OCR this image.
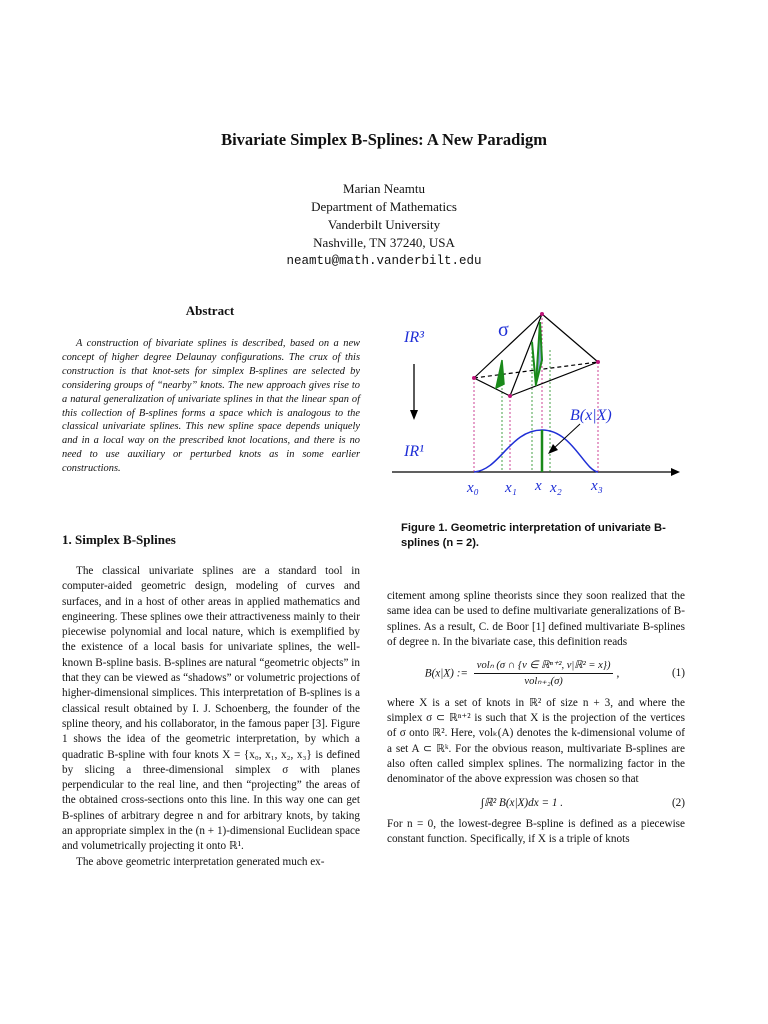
Bivariate Simplex B-Splines: A New Paradigm
Marian Neamtu
Department of Mathematics
Vanderbilt University
Nashville, TN 37240, USA
neamtu@math.vanderbilt.edu
Abstract

A construction of bivariate splines is described, based on a new concept of higher degree Delaunay configurations. The crux of this construction is that knot-sets for simplex B-splines are selected by considering groups of “nearby” knots. The new approach gives rise to a natural generalization of univariate splines in that the linear span of this collection of B-splines forms a space which is analogous to the classical univariate splines. This new spline space depends uniquely and in a local way on the prescribed knot locations, and there is no need to use auxiliary or perturbed knots as in some earlier constructions.

1. Simplex B-Splines

The classical univariate splines are a standard tool in computer-aided geometric design, modeling of curves and surfaces, and in a host of other areas in applied mathematics and engineering. These splines owe their attractiveness mainly to their piecewise polynomial and local nature, which is exemplified by the existence of a local basis for univariate splines, the well-known B-spline basis. B-splines are natural “geometric objects” in that they can be viewed as “shadows” or volumetric projections of higher-dimensional simplices. This interpretation of B-splines is a classical result obtained by I. J. Schoenberg, the founder of the spline theory, and his collaborator, in the famous paper [3]. Figure 1 shows the idea of the geometric interpretation, by which a quadratic B-spline with four knots X = {x₀, x₁, x₂, x₃} is defined by slicing a three-dimensional simplex σ with planes perpendicular to the real line, and then “projecting” the areas of the obtained cross-sections onto this line. In this way one can get B-splines of arbitrary degree n and for arbitrary knots, by taking an appropriate simplex in the (n + 1)-dimensional Euclidean space and volumetrically projecting it onto ℝ¹.

The above geometric interpretation generated much ex-

IR³
IR¹
σ
B(x|X)
x₀ x₁ x x₂ x₃
Figure 1. Geometric interpretation of univariate B-splines (n = 2).

citement among spline theorists since they soon realized that the same idea can be used to define multivariate generalizations of B-splines. As a result, C. de Boor [1] defined multivariate B-splines of degree n. In the bivariate case, this definition reads

B(x|X) := $\frac{\text{volₙ (σ ∩ \{v ∈ ℝⁿ⁺², v|ℝ² = x\})}}{\text{volₙ₊₂(σ)}}$ ,	(1)

where X is a set of knots in ℝ² of size n + 3, and where the simplex σ ⊂ ℝⁿ⁺² is such that X is the projection of the vertices of σ onto ℝ². Here, volₖ(A) denotes the k-dimensional volume of a set A ⊂ ℝᵏ. For the obvious reason, multivariate B-splines are also often called simplex splines. The normalizing factor in the denominator of the above expression was chosen so that

∫ℝ² B(x|X)dx = 1 .	(2)

For n = 0, the lowest-degree B-spline is defined as a piecewise constant function. Specifically, if X is a triple of knots
